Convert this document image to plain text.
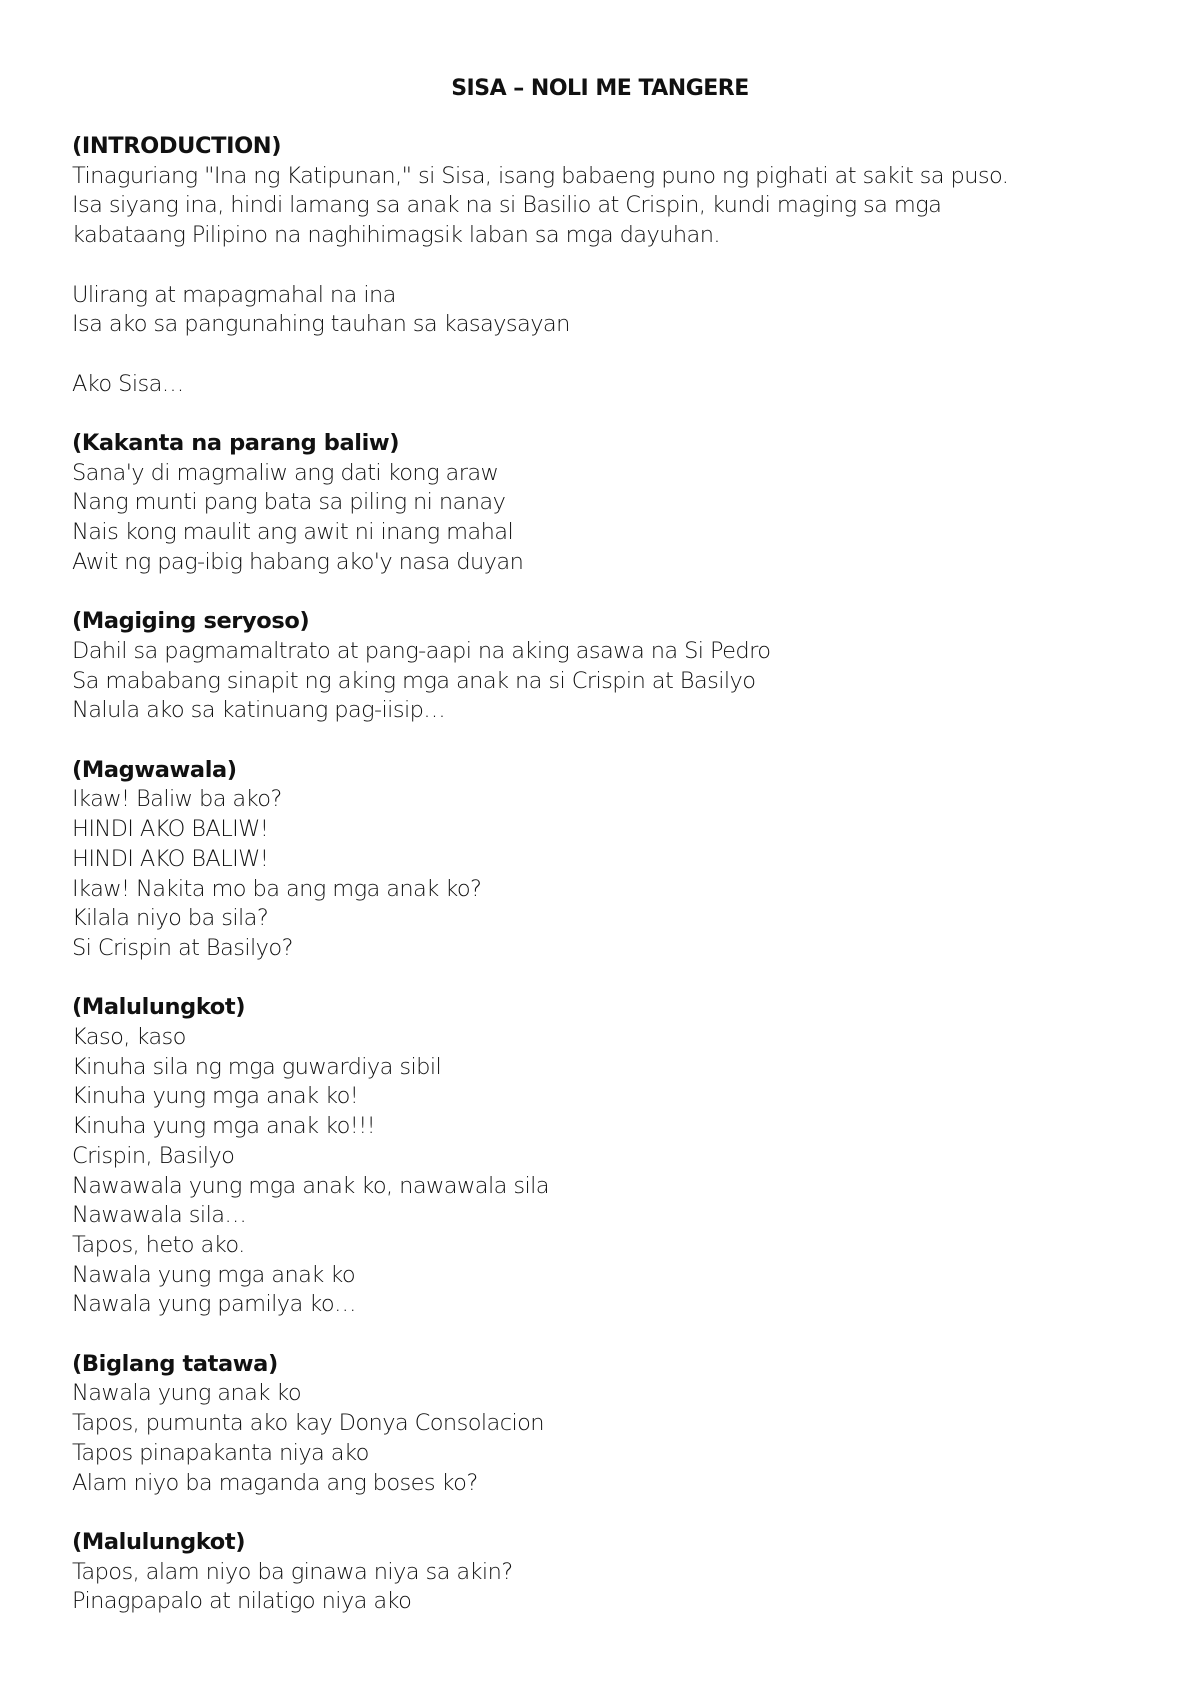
SISA – NOLI ME TANGERE
(INTRODUCTION)
Tinaguriang "Ina ng Katipunan," si Sisa, isang babaeng puno ng pighati at sakit sa puso.
Isa siyang ina, hindi lamang sa anak na si Basilio at Crispin, kundi maging sa mga
kabataang Pilipino na naghihimagsik laban sa mga dayuhan.
Ulirang at mapagmahal na ina
Isa ako sa pangunahing tauhan sa kasaysayan
Ako Sisa…
(Kakanta na parang baliw)
Sana'y di magmaliw ang dati kong araw
Nang munti pang bata sa piling ni nanay
Nais kong maulit ang awit ni inang mahal
Awit ng pag-ibig habang ako'y nasa duyan
(Magiging seryoso)
Dahil sa pagmamaltrato at pang-aapi na aking asawa na Si Pedro
Sa mababang sinapit ng aking mga anak na si Crispin at Basilyo
Nalula ako sa katinuang pag-iisip…
(Magwawala)
Ikaw! Baliw ba ako?
HINDI AKO BALIW!
HINDI AKO BALIW!
Ikaw! Nakita mo ba ang mga anak ko?
Kilala niyo ba sila?
Si Crispin at Basilyo?
(Malulungkot)
Kaso, kaso
Kinuha sila ng mga guwardiya sibil
Kinuha yung mga anak ko!
Kinuha yung mga anak ko!!!
Crispin, Basilyo
Nawawala yung mga anak ko, nawawala sila
Nawawala sila…
Tapos, heto ako.
Nawala yung mga anak ko
Nawala yung pamilya ko…
(Biglang tatawa)
Nawala yung anak ko
Tapos, pumunta ako kay Donya Consolacion
Tapos pinapakanta niya ako
Alam niyo ba maganda ang boses ko?
(Malulungkot)
Tapos, alam niyo ba ginawa niya sa akin?
Pinagpapalo at nilatigo niya ako
